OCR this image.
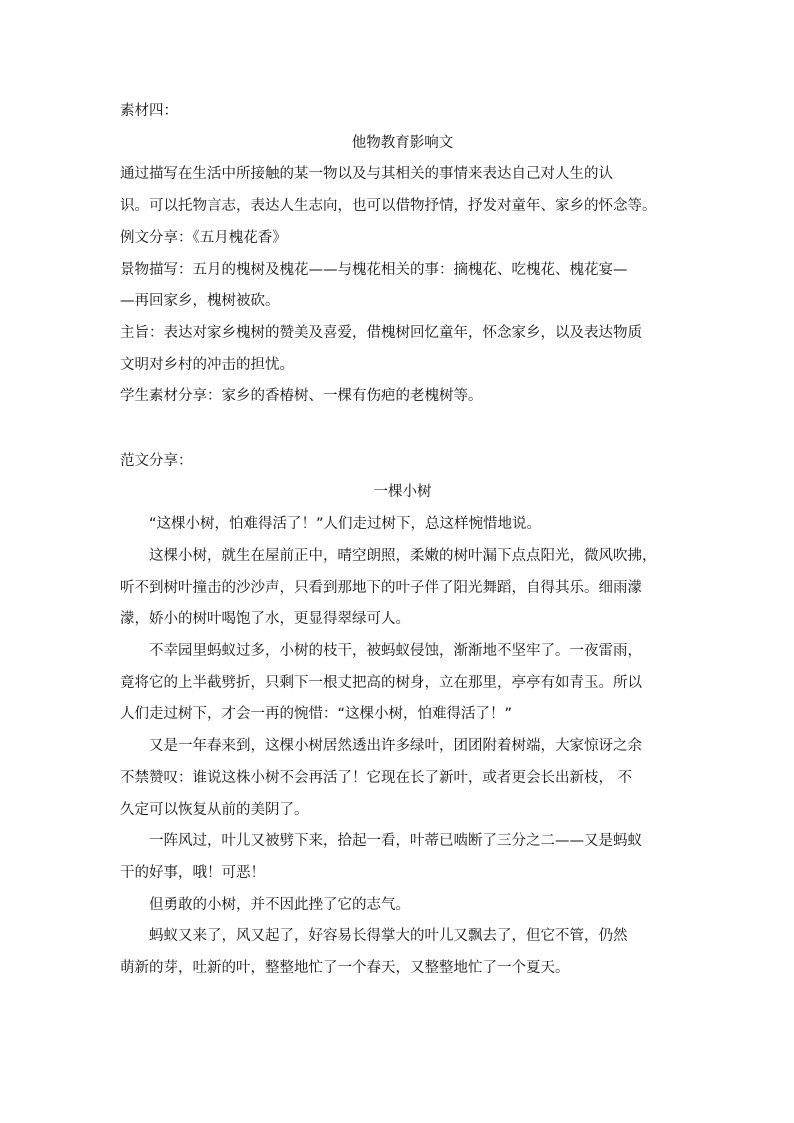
素材四：
他物教育影响文
通过描写在生活中所接触的某一物以及与其相关的事情来表达自己对人生的认
识。可以托物言志，表达人生志向，也可以借物抒情，抒发对童年、家乡的怀念等。
例文分享：《五月槐花香》
景物描写：五月的槐树及槐花——与槐花相关的事：摘槐花、吃槐花、槐花宴—
—再回家乡，槐树被砍。
主旨：表达对家乡槐树的赞美及喜爱，借槐树回忆童年，怀念家乡，以及表达物质
文明对乡村的冲击的担忧。
学生素材分享：家乡的香椿树、一棵有伤疤的老槐树等。
范文分享：
一棵小树
“这棵小树，怕难得活了！”人们走过树下，总这样惋惜地说。
这棵小树，就生在屋前正中，晴空朗照，柔嫩的树叶漏下点点阳光，微风吹拂，
听不到树叶撞击的沙沙声，只看到那地下的叶子伴了阳光舞蹈，自得其乐。细雨濛
濛，娇小的树叶喝饱了水，更显得翠绿可人。
不幸园里蚂蚁过多，小树的枝干，被蚂蚁侵蚀，渐渐地不坚牢了。一夜雷雨，
竟将它的上半截劈折，只剩下一根丈把高的树身，立在那里，亭亭有如青玉。所以
人们走过树下，才会一再的惋惜：“这棵小树，怕难得活了！”
又是一年春来到，这棵小树居然透出许多绿叶，团团附着树端，大家惊讶之余
不禁赞叹：谁说这株小树不会再活了！它现在长了新叶，或者更会长出新枝， 不
久定可以恢复从前的美阴了。
一阵风过，叶儿又被劈下来，拾起一看，叶蒂已啮断了三分之二——又是蚂蚁
干的好事，哦！可恶！
但勇敢的小树，并不因此挫了它的志气。
蚂蚁又来了，风又起了，好容易长得掌大的叶儿又飘去了，但它不管，仍然
萌新的芽，吐新的叶，整整地忙了一个春天，又整整地忙了一个夏天。
